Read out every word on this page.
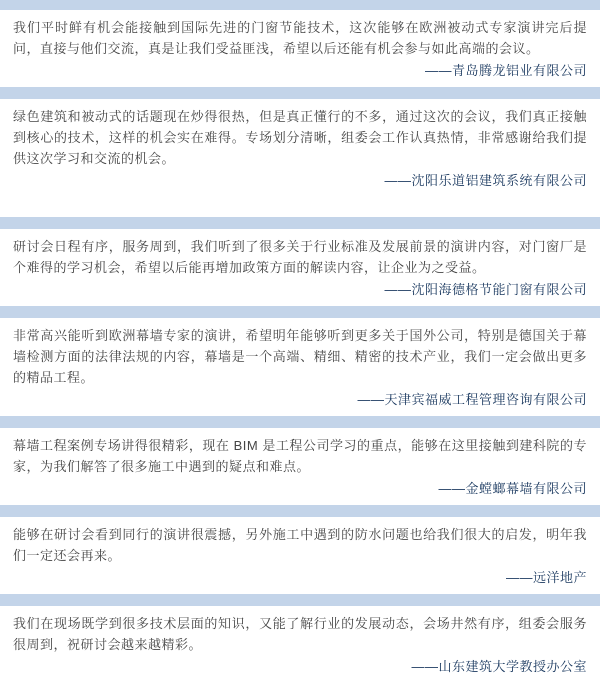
我们平时鲜有机会能接触到国际先进的门窗节能技术，这次能够在欧洲被动式专家演讲完后提问，直接与他们交流，真是让我们受益匪浅，希望以后还能有机会参与如此高端的会议。

——青岛腾龙铝业有限公司

绿色建筑和被动式的话题现在炒得很热，但是真正懂行的不多，通过这次的会议，我们真正接触到核心的技术，这样的机会实在难得。专场划分清晰，组委会工作认真热情，非常感谢给我们提供这次学习和交流的机会。

——沈阳乐道铝建筑系统有限公司

研讨会日程有序，服务周到，我们听到了很多关于行业标准及发展前景的演讲内容，对门窗厂是个难得的学习机会，希望以后能再增加政策方面的解读内容，让企业为之受益。

——沈阳海德格节能门窗有限公司

非常高兴能听到欧洲幕墙专家的演讲，希望明年能够听到更多关于国外公司，特别是德国关于幕墙检测方面的法律法规的内容，幕墙是一个高端、精细、精密的技术产业，我们一定会做出更多的精品工程。

——天津宾福威工程管理咨询有限公司

幕墙工程案例专场讲得很精彩，现在 BIM 是工程公司学习的重点，能够在这里接触到建科院的专家，为我们解答了很多施工中遇到的疑点和难点。

——金螳螂幕墙有限公司

能够在研讨会看到同行的演讲很震撼，另外施工中遇到的防水问题也给我们很大的启发，明年我们一定还会再来。

——远洋地产

我们在现场既学到很多技术层面的知识，又能了解行业的发展动态，会场井然有序，组委会服务很周到，祝研讨会越来越精彩。

——山东建筑大学教授办公室
